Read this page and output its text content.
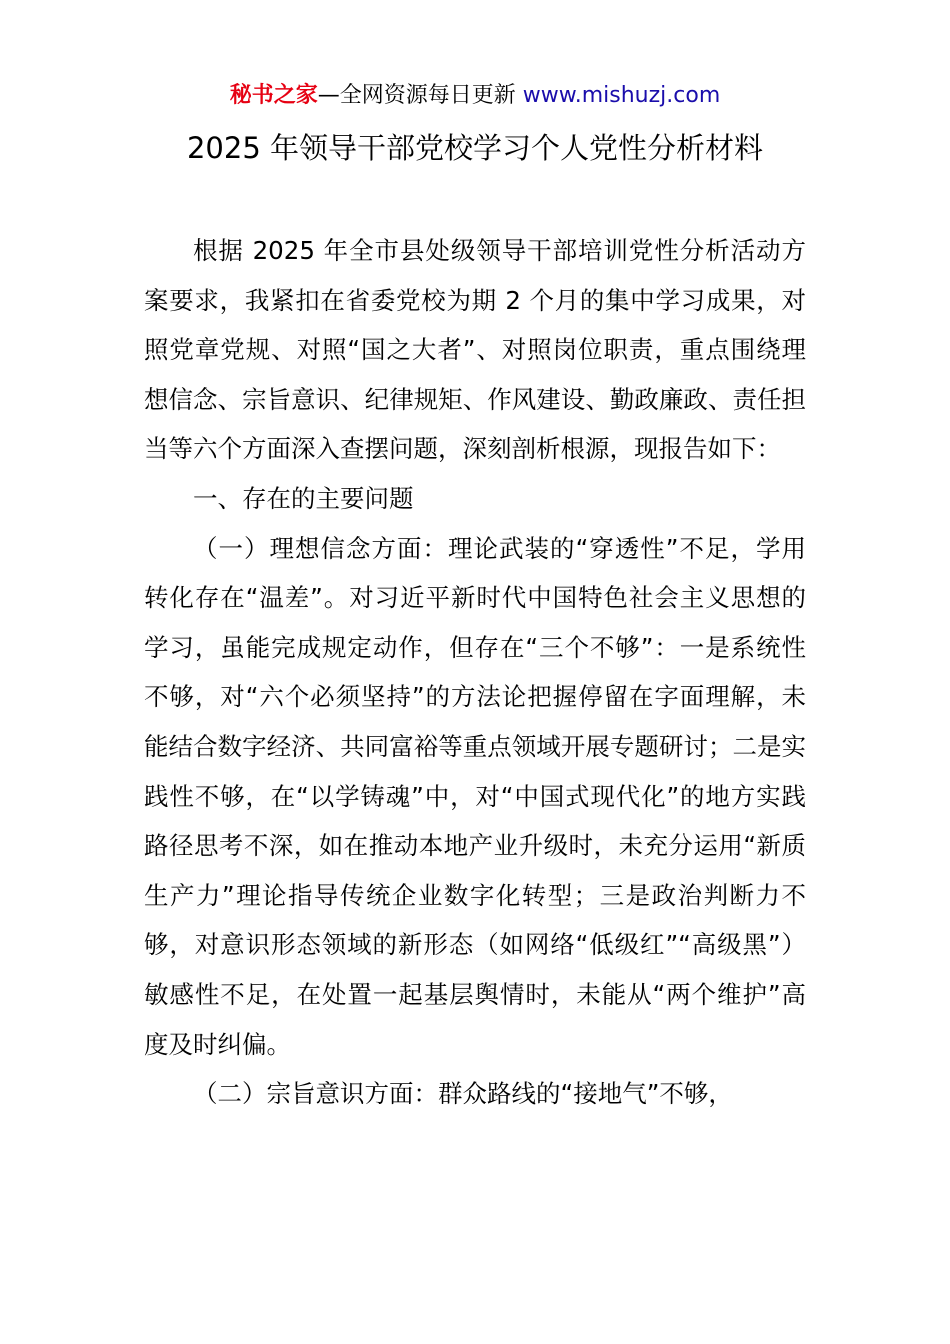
秘书之家—全网资源每日更新 www.mishuzj.com
2025 年领导干部党校学习个人党性分析材料

根据 2025 年全市县处级领导干部培训党性分析活动方案要求，我紧扣在省委党校为期 2 个月的集中学习成果，对照党章党规、对照“国之大者”、对照岗位职责，重点围绕理想信念、宗旨意识、纪律规矩、作风建设、勤政廉政、责任担当等六个方面深入查摆问题，深刻剖析根源，现报告如下：

一、存在的主要问题

（一）理想信念方面：理论武装的“穿透性”不足，学用转化存在“温差”。对习近平新时代中国特色社会主义思想的学习，虽能完成规定动作，但存在“三个不够”：一是系统性不够，对“六个必须坚持”的方法论把握停留在字面理解，未能结合数字经济、共同富裕等重点领域开展专题研讨；二是实践性不够，在“以学铸魂”中，对“中国式现代化”的地方实践路径思考不深，如在推动本地产业升级时，未充分运用“新质生产力”理论指导传统企业数字化转型；三是政治判断力不够，对意识形态领域的新形态（如网络“低级红”“高级黑”）敏感性不足，在处置一起基层舆情时，未能从“两个维护”高度及时纠偏。

（二）宗旨意识方面：群众路线的“接地气”不够，
